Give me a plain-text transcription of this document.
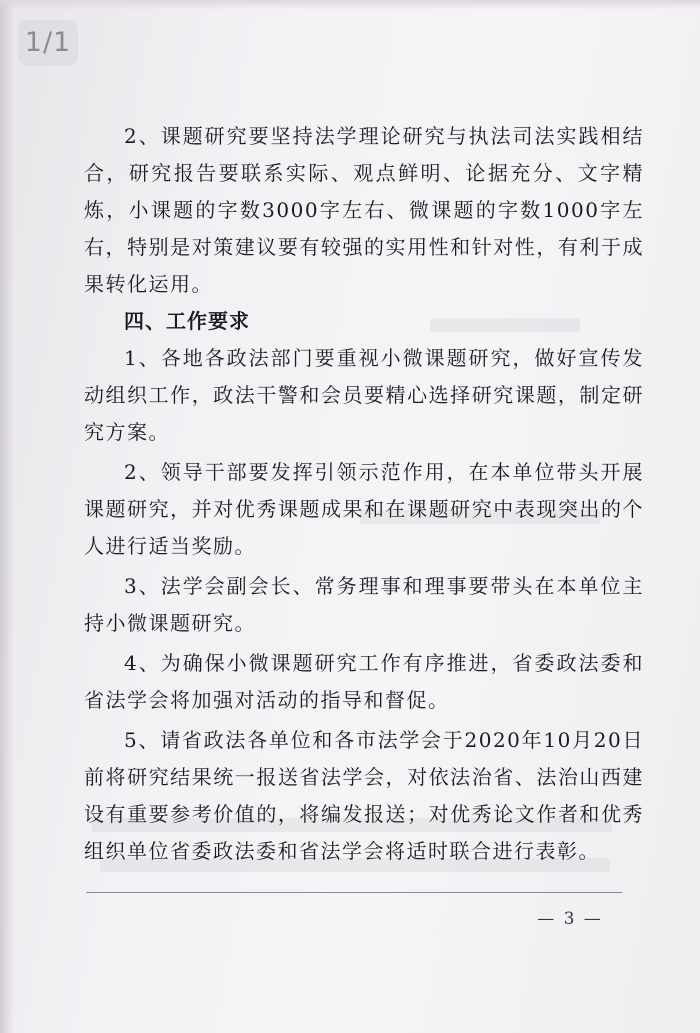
1/1

2、课题研究要坚持法学理论研究与执法司法实践相结合，研究报告要联系实际、观点鲜明、论据充分、文字精炼，小课题的字数3000字左右、微课题的字数1000字左右，特别是对策建议要有较强的实用性和针对性，有利于成果转化运用。

四、工作要求

1、各地各政法部门要重视小微课题研究，做好宣传发动组织工作，政法干警和会员要精心选择研究课题，制定研究方案。

2、领导干部要发挥引领示范作用，在本单位带头开展课题研究，并对优秀课题成果和在课题研究中表现突出的个人进行适当奖励。

3、法学会副会长、常务理事和理事要带头在本单位主持小微课题研究。

4、为确保小微课题研究工作有序推进，省委政法委和省法学会将加强对活动的指导和督促。

5、请省政法各单位和各市法学会于2020年10月20日前将研究结果统一报送省法学会，对依法治省、法治山西建设有重要参考价值的，将编发报送；对优秀论文作者和优秀组织单位省委政法委和省法学会将适时联合进行表彰。

— 3 —
